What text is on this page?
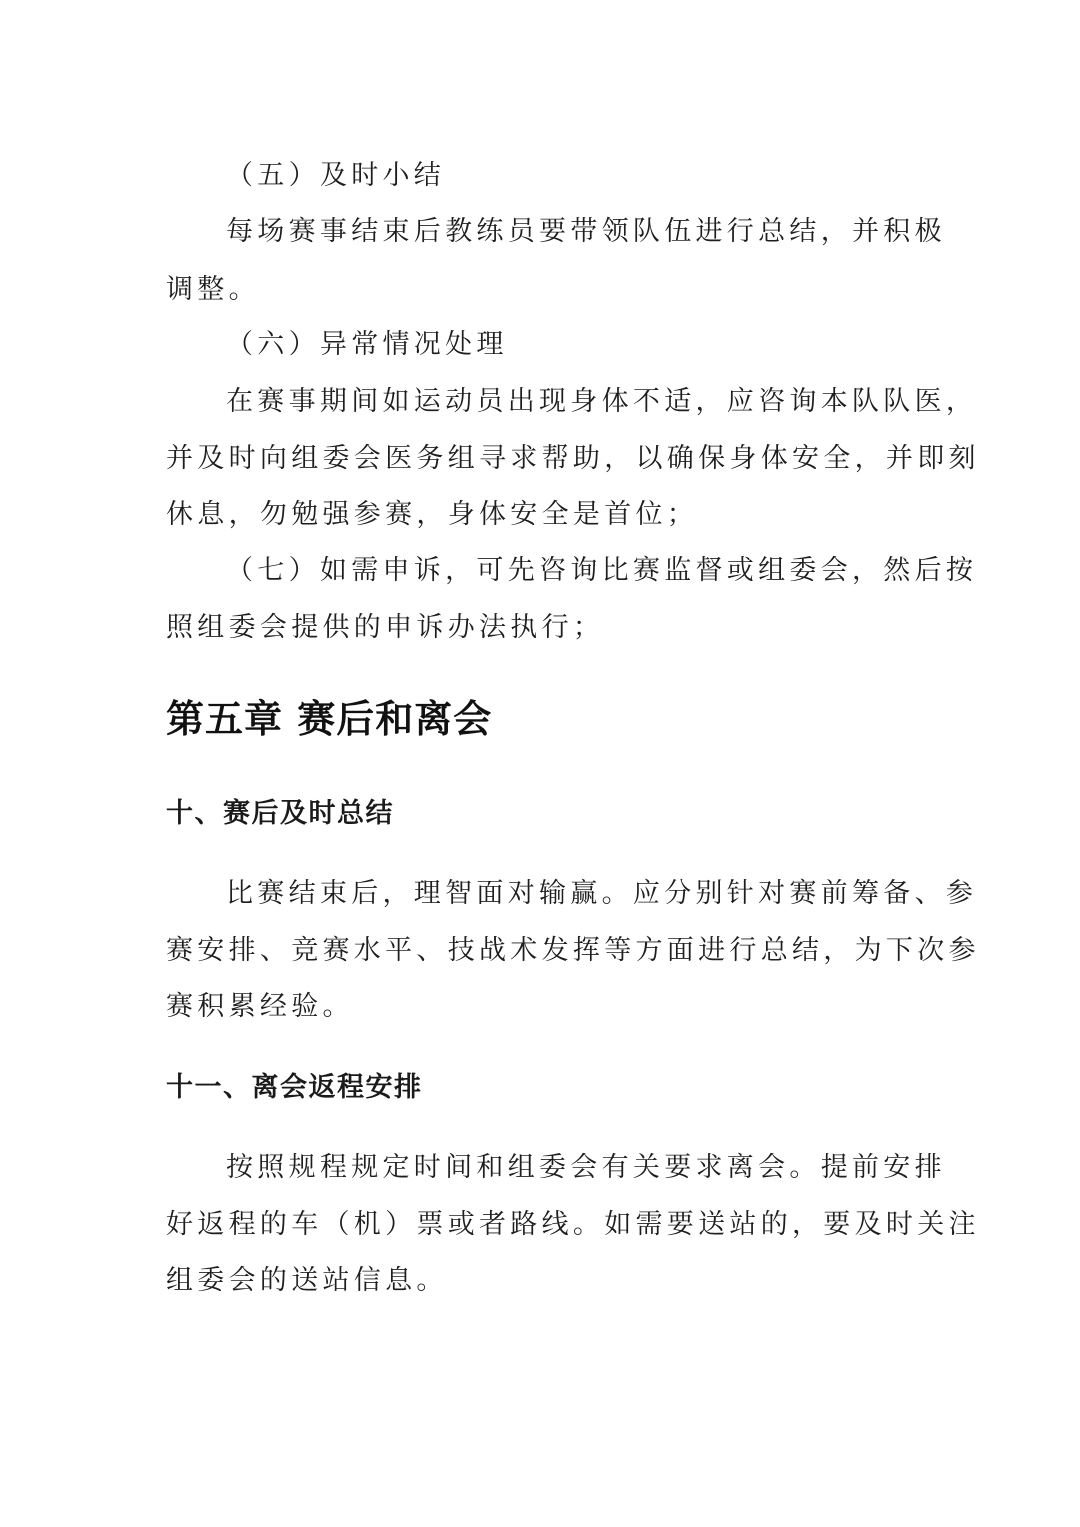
（五）及时小结
每场赛事结束后教练员要带领队伍进行总结，并积极
调整。
（六）异常情况处理
在赛事期间如运动员出现身体不适，应咨询本队队医，
并及时向组委会医务组寻求帮助，以确保身体安全，并即刻
休息，勿勉强参赛，身体安全是首位；
（七）如需申诉，可先咨询比赛监督或组委会，然后按
照组委会提供的申诉办法执行；
第五章 赛后和离会
十、赛后及时总结
比赛结束后，理智面对输赢。应分别针对赛前筹备、参
赛安排、竞赛水平、技战术发挥等方面进行总结，为下次参
赛积累经验。
十一、离会返程安排
按照规程规定时间和组委会有关要求离会。提前安排
好返程的车（机）票或者路线。如需要送站的，要及时关注
组委会的送站信息。
